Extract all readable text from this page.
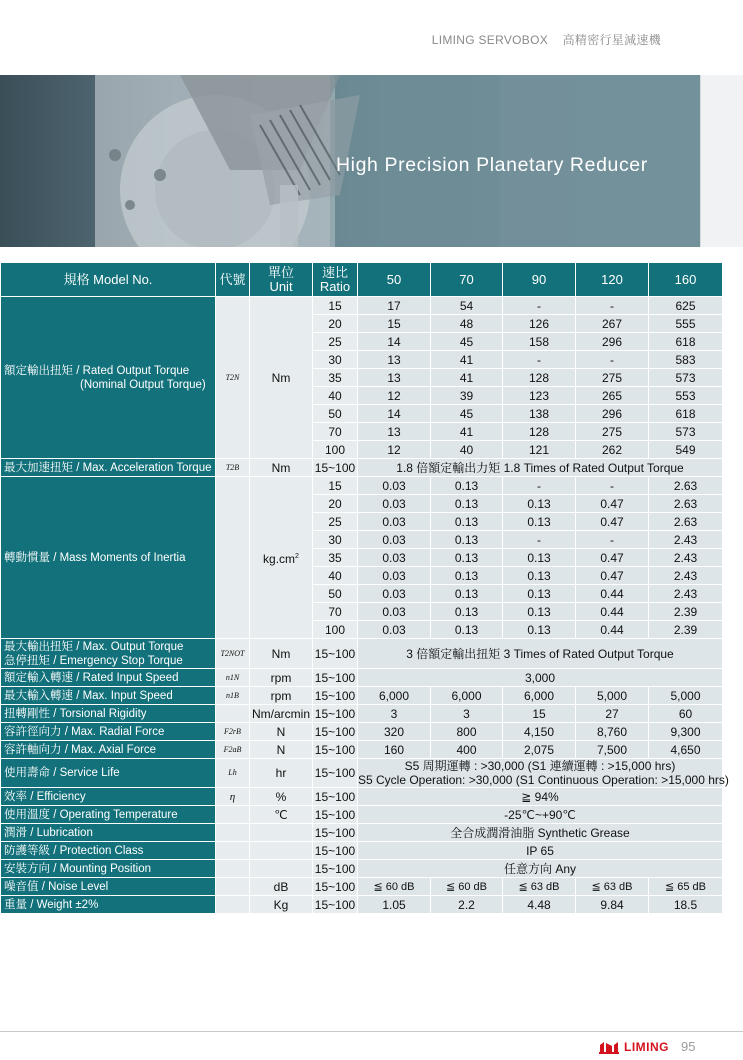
LIMING SERVOBOX 高精密行星減速機
High Precision Planetary Reducer
規格 Model No.	代號	單位
Unit	速比
Ratio	50	70	90	120	160
額定輸出扭矩 / Rated Output Torque
(Nominal Output Torque)	T2N	Nm	15	17	54	-	-	625
			20	15	48	126	267	555
			25	14	45	158	296	618
			30	13	41	-	-	583
			35	13	41	128	275	573
			40	12	39	123	265	553
			50	14	45	138	296	618
			70	13	41	128	275	573
			100	12	40	121	262	549
最大加速扭矩 / Max. Acceleration Torque	T2B	Nm	15~100	1.8 倍額定輸出力矩 1.8 Times of Rated Output Torque				
轉動慣量 / Mass Moments of Inertia		$kg.cm^2$	15	0.03	0.13	-	-	2.63
			20	0.03	0.13	0.13	0.47	2.63
			25	0.03	0.13	0.13	0.47	2.63
			30	0.03	0.13	-	-	2.43
			35	0.03	0.13	0.13	0.47	2.43
			40	0.03	0.13	0.13	0.47	2.43
			50	0.03	0.13	0.13	0.44	2.43
			70	0.03	0.13	0.13	0.44	2.39
			100	0.03	0.13	0.13	0.44	2.39
最大輸出扭矩 / Max. Output Torque
急停扭矩 / Emergency Stop Torque	T2NOT	Nm	15~100	3 倍額定輸出扭矩 3 Times of Rated Output Torque				
額定輸入轉速 / Rated Input Speed	n1N	rpm	15~100	3,000				
最大輸入轉速 / Max. Input Speed	n1B	rpm	15~100	6,000	6,000	6,000	5,000	5,000
扭轉剛性 / Torsional Rigidity		Nm/arcmin	15~100	3	3	15	27	60
容許徑向力 / Max. Radial Force	F2rB	N	15~100	320	800	4,150	8,760	9,300
容許軸向力 / Max. Axial Force	F2aB	N	15~100	160	400	2,075	7,500	4,650
使用壽命 / Service Life	Lh	hr	15~100	S5 周期運轉 : >30,000 (S1 連續運轉 : >15,000 hrs)
S5 Cycle Operation: >30,000 (S1 Continuous Operation: >15,000 hrs)				
效率 / Efficiency	η	%	15~100	≧ 94%				
使用溫度 / Operating Temperature		℃	15~100	-25℃~+90℃				
潤滑 / Lubrication			15~100	全合成潤滑油脂 Synthetic Grease				
防護等級 / Protection Class			15~100	IP 65				
安裝方向 / Mounting Position			15~100	任意方向 Any				
噪音值 / Noise Level		dB	15~100	≦ 60 dB	≦ 60 dB	≦ 63 dB	≦ 63 dB	≦ 65 dB
重量 / Weight ±2%		Kg	15~100	1.05	2.2	4.48	9.84	18.5
LIMING 95
